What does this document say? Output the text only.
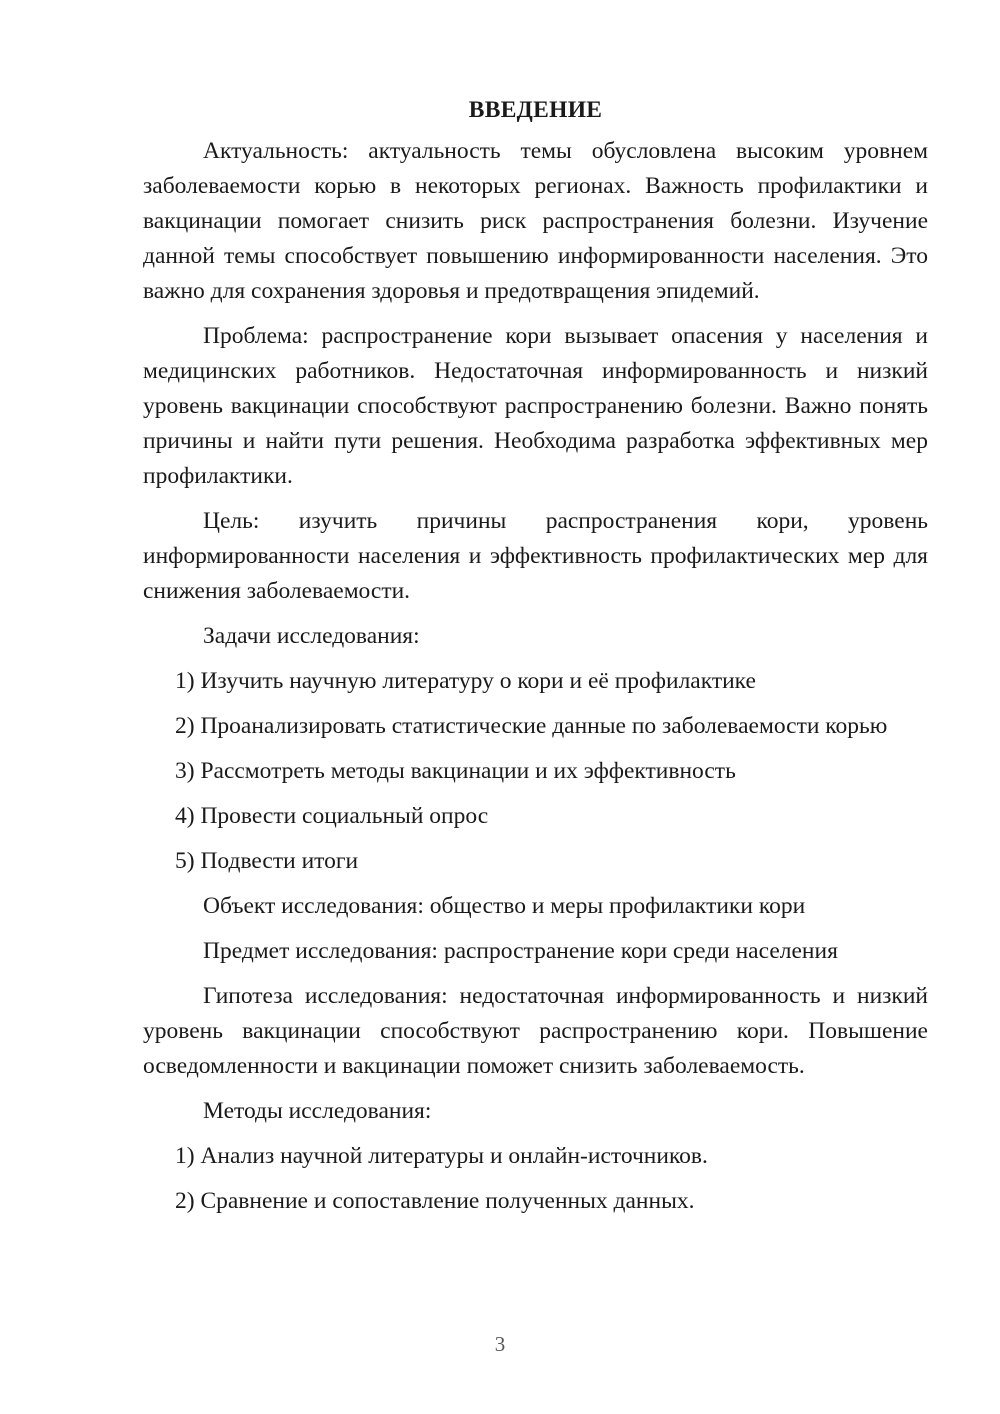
ВВЕДЕНИЕ

Актуальность: актуальность темы обусловлена высоким уровнем заболеваемости корью в некоторых регионах. Важность профилактики и вакцинации помогает снизить риск распространения болезни. Изучение данной темы способствует повышению информированности населения. Это важно для сохранения здоровья и предотвращения эпидемий.

Проблема: распространение кори вызывает опасения у населения и медицинских работников. Недостаточная информированность и низкий уровень вакцинации способствуют распространению болезни. Важно понять причины и найти пути решения. Необходима разработка эффективных мер профилактики.

Цель: изучить причины распространения кори, уровень информированности населения и эффективность профилактических мер для снижения заболеваемости.

Задачи исследования:

1) Изучить научную литературу о кори и её профилактике

2) Проанализировать статистические данные по заболеваемости корью

3) Рассмотреть методы вакцинации и их эффективность

4) Провести социальный опрос

5) Подвести итоги

Объект исследования: общество и меры профилактики кори

Предмет исследования: распространение кори среди населения

Гипотеза исследования: недостаточная информированность и низкий уровень вакцинации способствуют распространению кори. Повышение осведомленности и вакцинации поможет снизить заболеваемость.

Методы исследования:

1) Анализ научной литературы и онлайн-источников.

2) Сравнение и сопоставление полученных данных.

3
